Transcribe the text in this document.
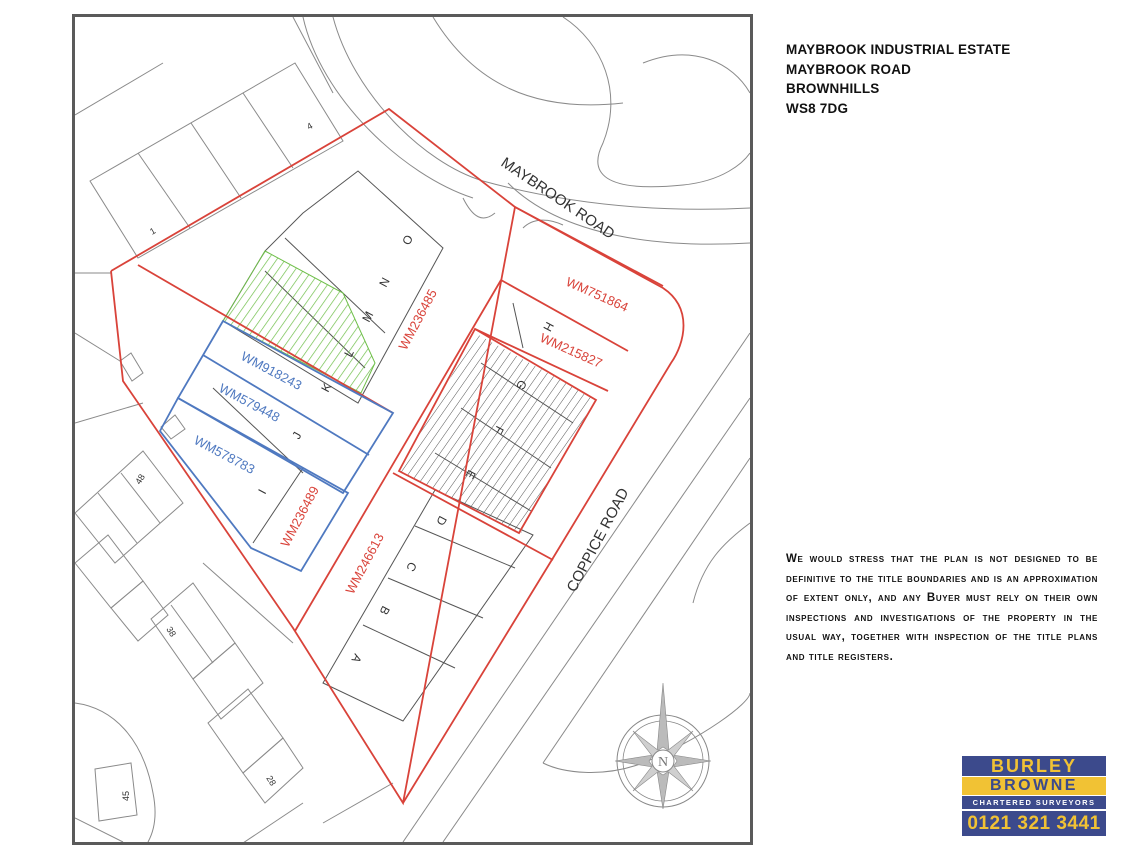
MAYBROOK ROAD
COPPICE ROAD
WM236485	WM751864
WM215827
WM918243
WM579448
WM578783
WM236489
WM246613
O
N
M
L
K
J
I
H
G
F
E
D
C
B
A
4
1
48
38
28
45
N
MAYBROOK INDUSTRIAL ESTATE
MAYBROOK ROAD
BROWNHILLS
WS8 7DG
We would stress that the plan is not designed to be definitive to the title boundaries and is an approximation of extent only, and any Buyer must rely on their own inspections and investigations of the property in the usual way, together with inspection of the title plans and title registers.
BURLEY
BROWNE
CHARTERED SURVEYORS
0121 321 3441
